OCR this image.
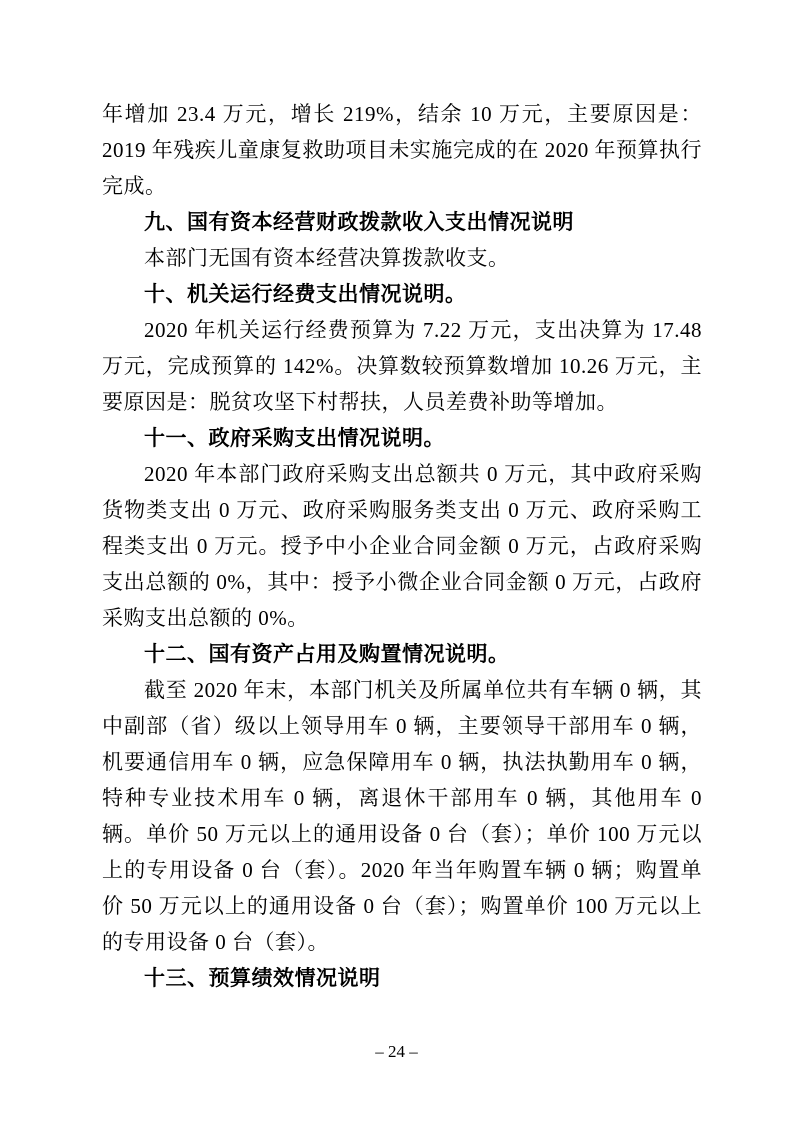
年增加 23.4 万元，增长 219%，结余 10 万元，主要原因是：2019 年残疾儿童康复救助项目未实施完成的在 2020 年预算执行完成。

九、国有资本经营财政拨款收入支出情况说明

本部门无国有资本经营决算拨款收支。

十、机关运行经费支出情况说明。

2020 年机关运行经费预算为 7.22 万元，支出决算为 17.48 万元，完成预算的 142%。决算数较预算数增加 10.26 万元，主要原因是：脱贫攻坚下村帮扶，人员差费补助等增加。

十一、政府采购支出情况说明。

2020 年本部门政府采购支出总额共 0 万元，其中政府采购货物类支出 0 万元、政府采购服务类支出 0 万元、政府采购工程类支出 0 万元。授予中小企业合同金额 0 万元，占政府采购支出总额的 0%，其中：授予小微企业合同金额 0 万元，占政府采购支出总额的 0%。

十二、国有资产占用及购置情况说明。

截至 2020 年末，本部门机关及所属单位共有车辆 0 辆，其中副部（省）级以上领导用车 0 辆，主要领导干部用车 0 辆，机要通信用车 0 辆，应急保障用车 0 辆，执法执勤用车 0 辆，特种专业技术用车 0 辆，离退休干部用车 0 辆，其他用车 0 辆。单价 50 万元以上的通用设备 0 台（套）；单价 100 万元以上的专用设备 0 台（套）。2020 年当年购置车辆 0 辆；购置单价 50 万元以上的通用设备 0 台（套）；购置单价 100 万元以上的专用设备 0 台（套）。

十三、预算绩效情况说明

– 24 –
